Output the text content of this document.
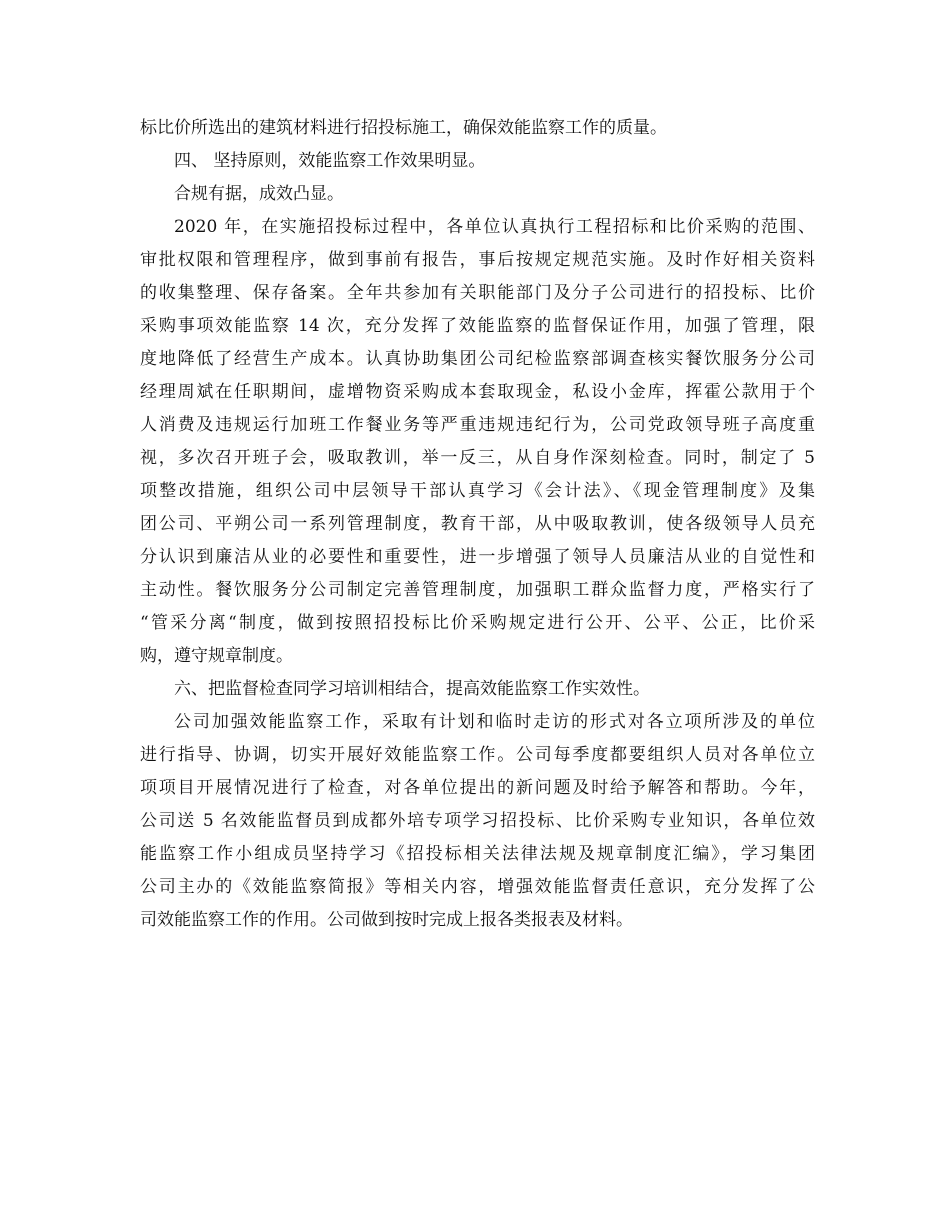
标比价所选出的建筑材料进行招投标施工，确保效能监察工作的质量。
四、 坚持原则，效能监察工作效果明显。
合规有据，成效凸显。
2020 年，在实施招投标过程中，各单位认真执行工程招标和比价采购的范围、
审批权限和管理程序，做到事前有报告，事后按规定规范实施。及时作好相关资料
的收集整理、保存备案。全年共参加有关职能部门及分子公司进行的招投标、比价
采购事项效能监察 14 次，充分发挥了效能监察的监督保证作用，加强了管理，限
度地降低了经营生产成本。认真协助集团公司纪检监察部调查核实餐饮服务分公司
经理周斌在任职期间，虚增物资采购成本套取现金，私设小金库，挥霍公款用于个
人消费及违规运行加班工作餐业务等严重违规违纪行为，公司党政领导班子高度重
视，多次召开班子会，吸取教训，举一反三，从自身作深刻检查。同时，制定了 5
项整改措施，组织公司中层领导干部认真学习《会计法》、《现金管理制度》及集
团公司、平朔公司一系列管理制度，教育干部，从中吸取教训，使各级领导人员充
分认识到廉洁从业的必要性和重要性，进一步增强了领导人员廉洁从业的自觉性和
主动性。餐饮服务分公司制定完善管理制度，加强职工群众监督力度，严格实行了
“管采分离“制度，做到按照招投标比价采购规定进行公开、公平、公正，比价采
购，遵守规章制度。
六、把监督检查同学习培训相结合，提高效能监察工作实效性。
公司加强效能监察工作，采取有计划和临时走访的形式对各立项所涉及的单位
进行指导、协调，切实开展好效能监察工作。公司每季度都要组织人员对各单位立
项项目开展情况进行了检查，对各单位提出的新问题及时给予解答和帮助。今年，
公司送 5 名效能监督员到成都外培专项学习招投标、比价采购专业知识，各单位效
能监察工作小组成员坚持学习《招投标相关法律法规及规章制度汇编》，学习集团
公司主办的《效能监察简报》等相关内容，增强效能监督责任意识，充分发挥了公
司效能监察工作的作用。公司做到按时完成上报各类报表及材料。
